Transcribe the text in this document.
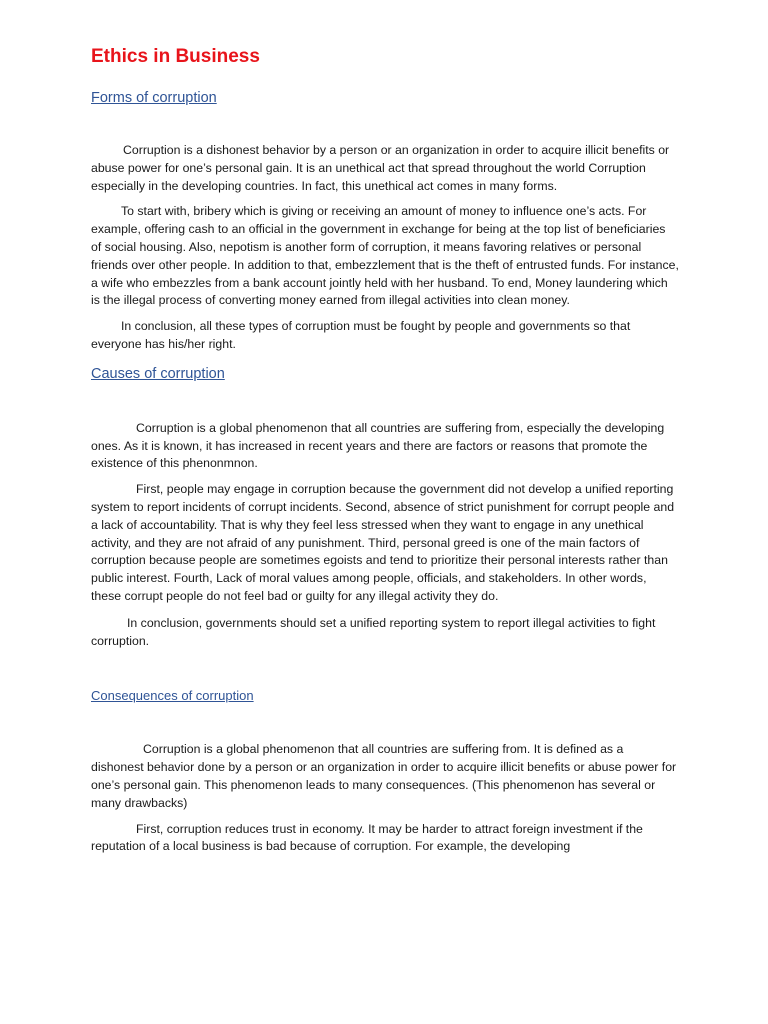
Ethics in Business
Forms of corruption

Corruption is a dishonest behavior by a person or an organization in order to acquire illicit benefits or abuse power for one’s personal gain. It is an unethical act that spread throughout the world Corruption especially in the developing countries. In fact, this unethical act comes in many forms.

To start with, bribery which is giving or receiving an amount of money to influence one’s acts. For example, offering cash to an official in the government in exchange for being at the top list of beneficiaries of social housing. Also, nepotism is another form of corruption, it means favoring relatives or personal friends over other people. In addition to that, embezzlement that is the theft of entrusted funds. For instance, a wife who embezzles from a bank account jointly held with her husband. To end, Money laundering which is the illegal process of converting money earned from illegal activities into clean money.

In conclusion, all these types of corruption must be fought by people and governments so that everyone has his/her right.

Causes of corruption

Corruption is a global phenomenon that all countries are suffering from, especially the developing ones. As it is known, it has increased in recent years and there are factors or reasons that promote the existence of this phenonmnon.

First, people may engage in corruption because the government did not develop a unified reporting system to report incidents of corrupt incidents. Second, absence of strict punishment for corrupt people and a lack of accountability. That is why they feel less stressed when they want to engage in any unethical activity, and they are not afraid of any punishment. Third, personal greed is one of the main factors of corruption because people are sometimes egoists and tend to prioritize their personal interests rather than public interest. Fourth, Lack of moral values among people, officials, and stakeholders. In other words, these corrupt people do not feel bad or guilty for any illegal activity they do.

In conclusion, governments should set a unified reporting system to report illegal activities to fight corruption.

Consequences of corruption

Corruption is a global phenomenon that all countries are suffering from. It is defined as a dishonest behavior done by a person or an organization in order to acquire illicit benefits or abuse power for one’s personal gain. This phenomenon leads to many consequences. (This phenomenon has several or many drawbacks)

First, corruption reduces trust in economy. It may be harder to attract foreign investment if the reputation of a local business is bad because of corruption. For example, the developing
